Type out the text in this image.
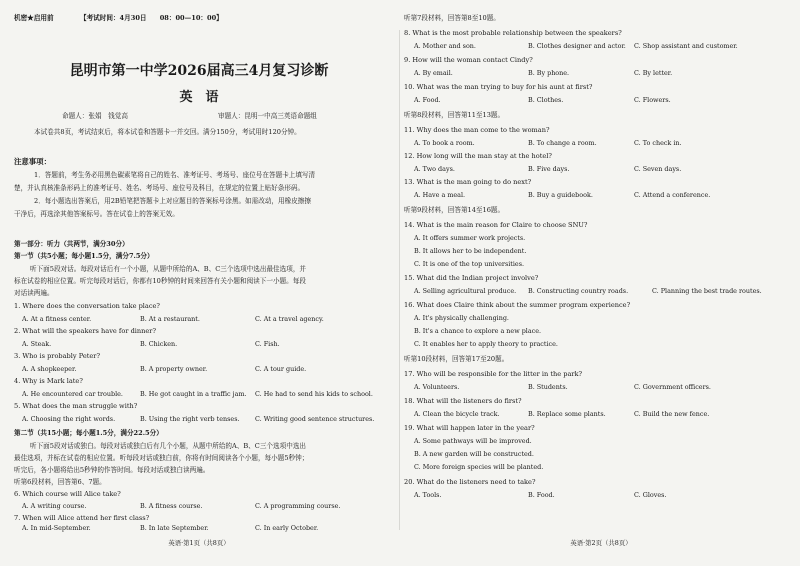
机密★启用前	【考试时间：4月30日　　08：00—10：00】
昆明市第一中学2026届高三4月复习诊断
英　语
命题人：张娟　钱觉高	审题人：昆明一中高三英语命题组
本试卷共8页，考试结束后，将本试卷和答题卡一并交回。满分150分，考试用时120分钟。
注意事项：
1．答题前，考生务必用黑色碳素笔将自己的姓名、准考证号、考场号、座位号在答题卡上填写清
楚，并认真核准条形码上的准考证号、姓名、考场号、座位号及科目，在规定的位置上贴好条形码。
2．每小题选出答案后，用2B铅笔把答题卡上对应题目的答案标号涂黑。如需改动，用橡皮擦擦
干净后，再选涂其他答案标号。答在试卷上的答案无效。
第一部分：听力（共两节，满分30分）
第一节（共5小题；每小题1.5分，满分7.5分）
听下面5段对话。每段对话后有一个小题，从题中所给的A、B、C三个选项中选出最佳选项，并
标在试卷的相应位置。听完每段对话后，你都有10秒钟的时间来回答有关小题和阅读下一小题。每段
对话读两遍。
1. Where does the conversation take place?
A. At a fitness center.	B. At a restaurant.	C. At a travel agency.
2. What will the speakers have for dinner?
A. Steak.	B. Chicken.	C. Fish.
3. Who is probably Peter?
A. A shopkeeper.	B. A property owner.	C. A tour guide.
4. Why is Mark late?
A. He encountered car trouble.	B. He got caught in a traffic jam. C. He had to send his kids to school.
5. What does the man struggle with?
A. Choosing the right words.	B. Using the right verb tenses. C. Writing good sentence structures.
第二节（共15小题；每小题1.5分，满分22.5分）
听下面5段对话或独白。每段对话或独白后有几个小题，从题中所给的A、B、C三个选项中选出
最佳选项，并标在试卷的相应位置。听每段对话或独白前，你将有时间阅读各个小题，每小题5秒钟；
听完后，各小题将给出5秒钟的作答时间。每段对话或独白读两遍。
听第6段材料，回答第6、7题。
6. Which course will Alice take?
A. A writing course.	B. A fitness course.	C. A programming course.
7. When will Alice attend her first class?
A. In mid-September.	B. In late September.	C. In early October.
英语·第1页（共8页）
听第7段材料，回答第8至10题。
8. What is the most probable relationship between the speakers?
A. Mother and son.	B. Clothes designer and actor. C. Shop assistant and customer.
9. How will the woman contact Cindy?
A. By email.	B. By phone.	C. By letter.
10. What was the man trying to buy for his aunt at first?
A. Food.	B. Clothes.	C. Flowers.
听第8段材料，回答第11至13题。
11. Why does the man come to the woman?
A. To book a room.	B. To change a room.	C. To check in.
12. How long will the man stay at the hotel?
A. Two days.	B. Five days.	C. Seven days.
13. What is the man going to do next?
A. Have a meal.	B. Buy a guidebook.	C. Attend a conference.
听第9段材料，回答第14至16题。
14. What is the main reason for Claire to choose SNU?
A. It offers summer work projects.
B. It allows her to be independent.
C. It is one of the top universities.
15. What did the Indian project involve?
A. Selling agricultural produce. B. Constructing country roads.	C. Planning the best trade routes.
16. What does Claire think about the summer program experience?
A. It's physically challenging.
B. It's a chance to explore a new place.
C. It enables her to apply theory to practice.
听第10段材料，回答第17至20题。
17. Who will be responsible for the litter in the park?
A. Volunteers.	B. Students.	C. Government officers.
18. What will the listeners do first?
A. Clean the bicycle track.	B. Replace some plants.	C. Build the new fence.
19. What will happen later in the year?
A. Some pathways will be improved.
B. A new garden will be constructed.
C. More foreign species will be planted.
20. What do the listeners need to take?
A. Tools.	B. Food.	C. Gloves.
英语·第2页（共8页）
